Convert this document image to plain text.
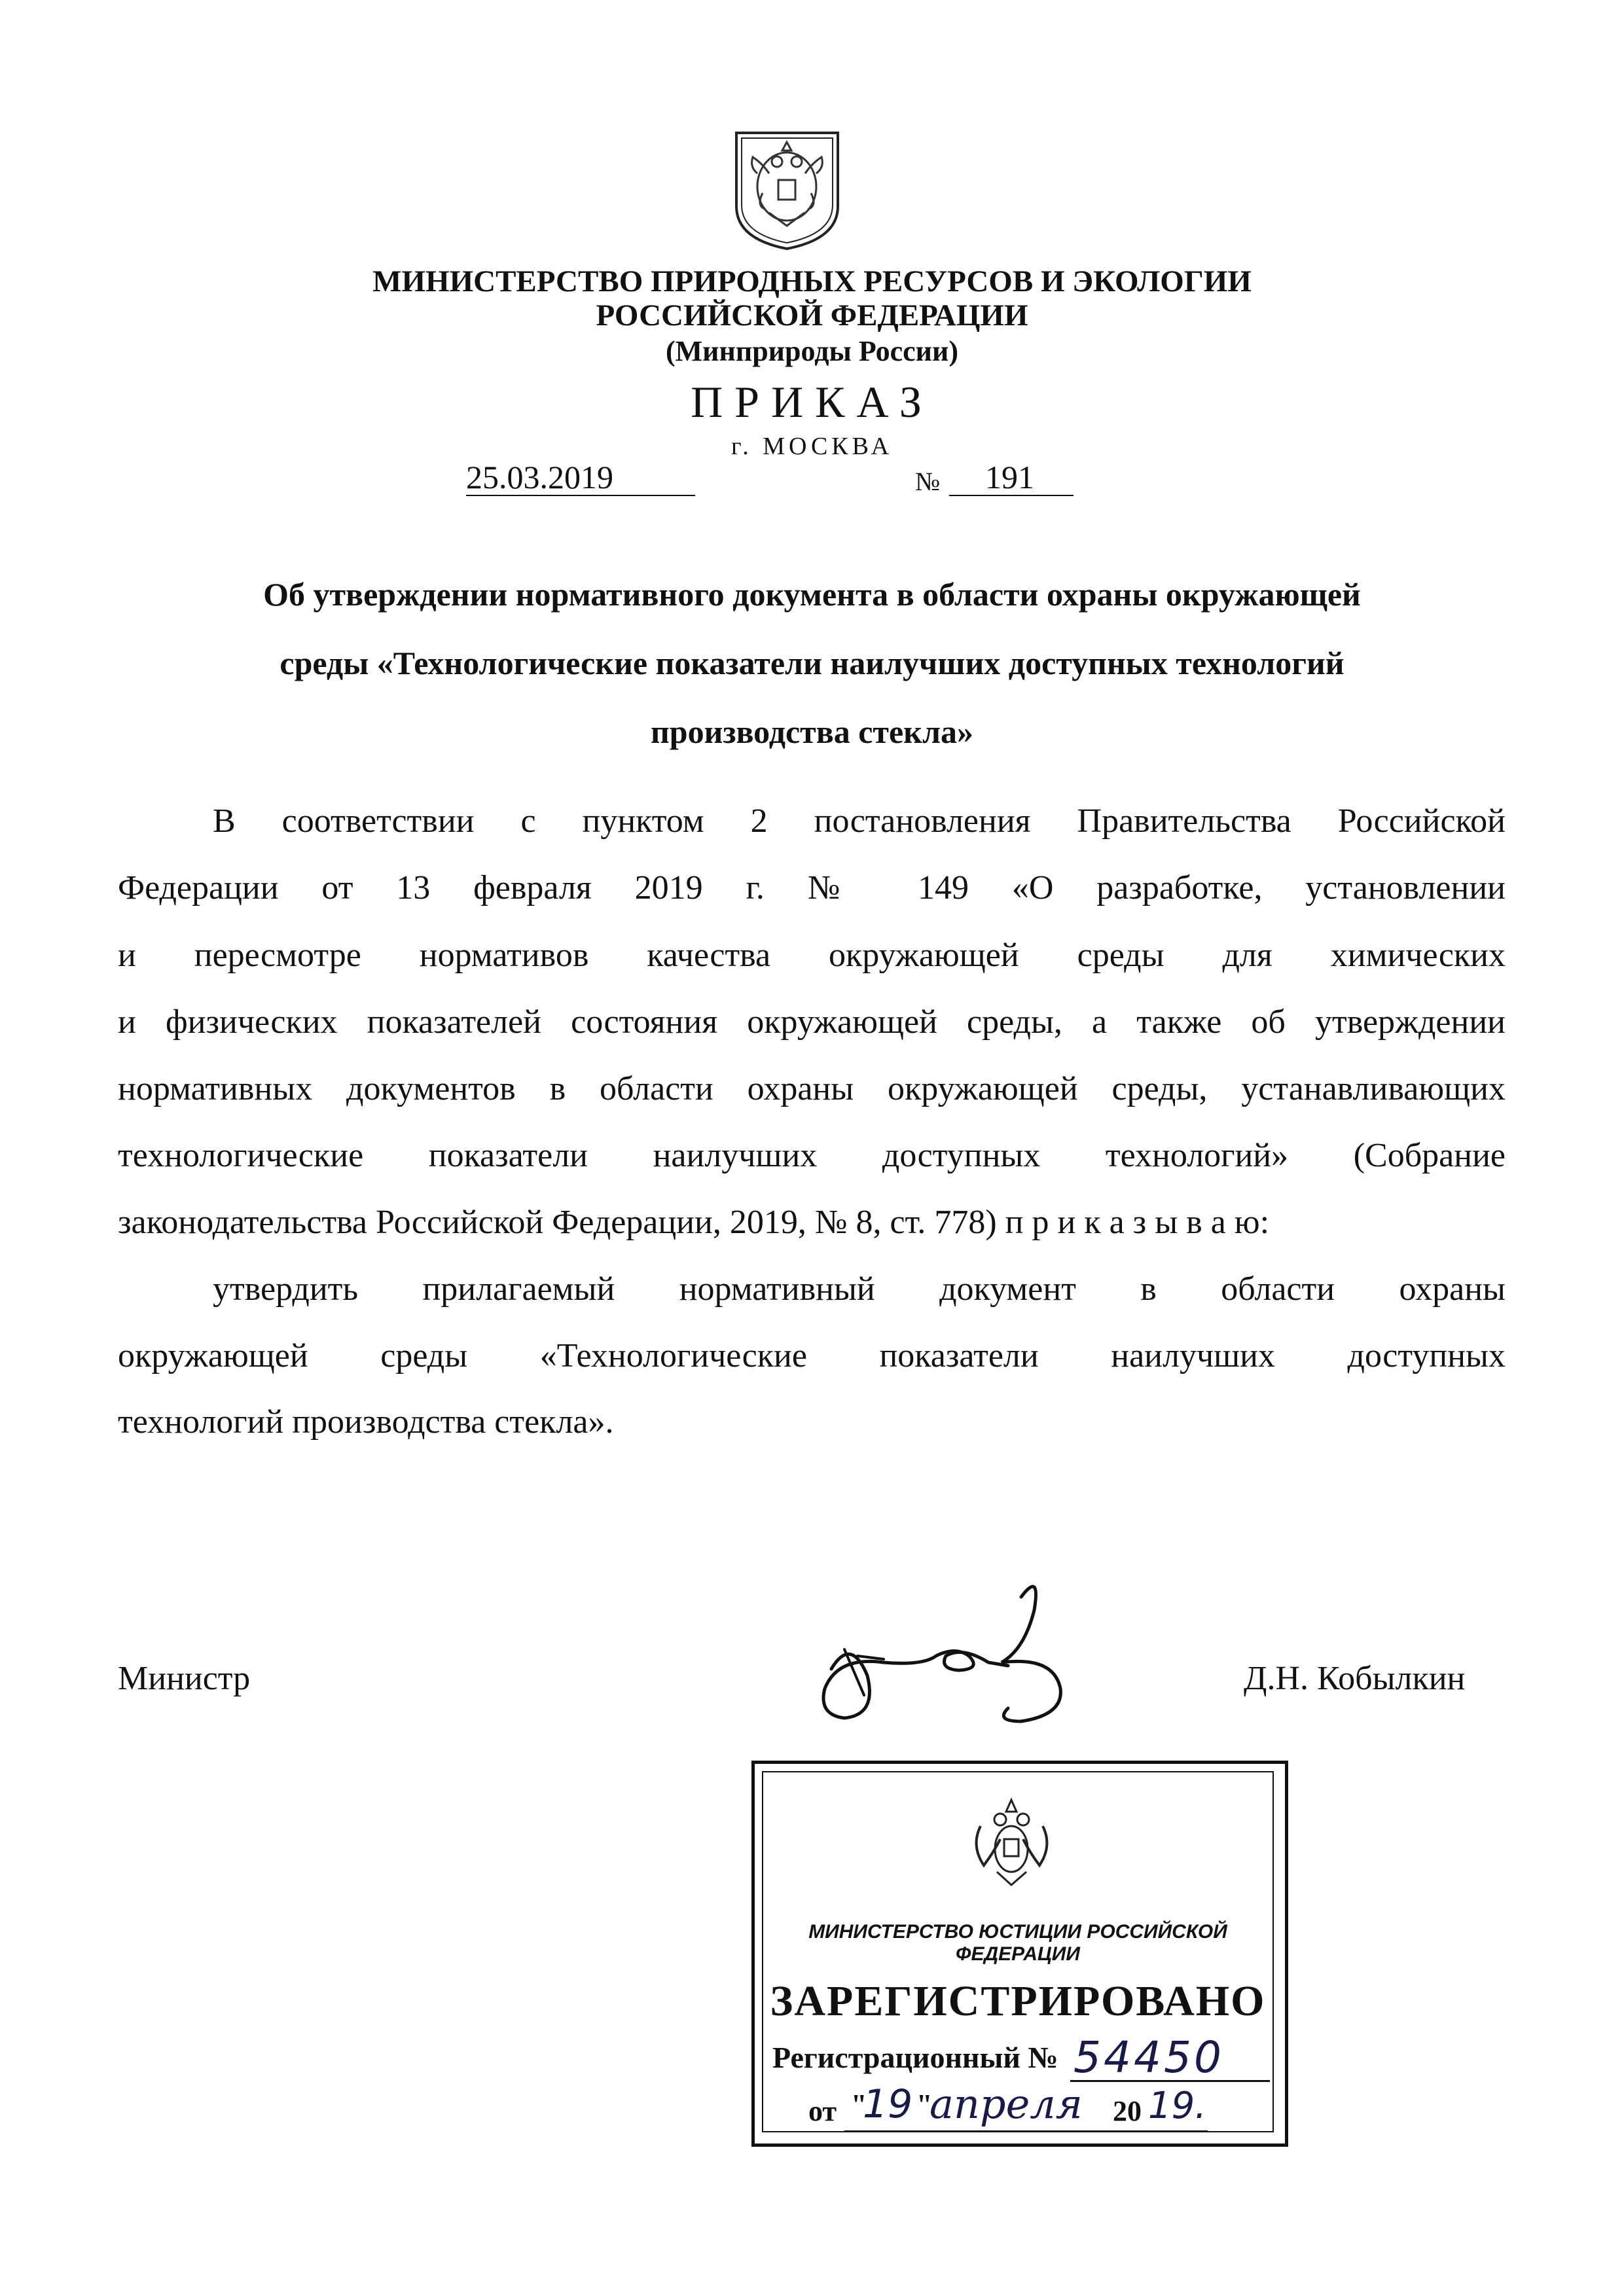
МИНИСТЕРСТВО ПРИРОДНЫХ РЕСУРСОВ И ЭКОЛОГИИ
РОССИЙСКОЙ ФЕДЕРАЦИИ
(Минприроды России)
ПРИКАЗ
г. МОСКВА
25.03.2019	№ 191
Об утверждении нормативного документа в области охраны окружающей
среды «Технологические показатели наилучших доступных технологий
производства стекла»
В соответствии с пунктом 2 постановления Правительства Российской
Федерации от 13 февраля 2019 г. № 149 «О разработке, установлении
и пересмотре нормативов качества окружающей среды для химических
и физических показателей состояния окружающей среды, а также об утверждении
нормативных документов в области охраны окружающей среды, устанавливающих
технологические показатели наилучших доступных технологий» (Собрание
законодательства Российской Федерации, 2019, № 8, ст. 778) п р и к а з ы в а ю:
утвердить прилагаемый нормативный документ в области охраны
окружающей среды «Технологические показатели наилучших доступных
технологий производства стекла».
Министр	Д.Н. Кобылкин
МИНИСТЕРСТВО ЮСТИЦИИ РОССИЙСКОЙ ФЕДЕРАЦИИ
ЗАРЕГИСТРИРОВАНО
Регистрационный № 54450
от "
19 "
апреля 20 19.
